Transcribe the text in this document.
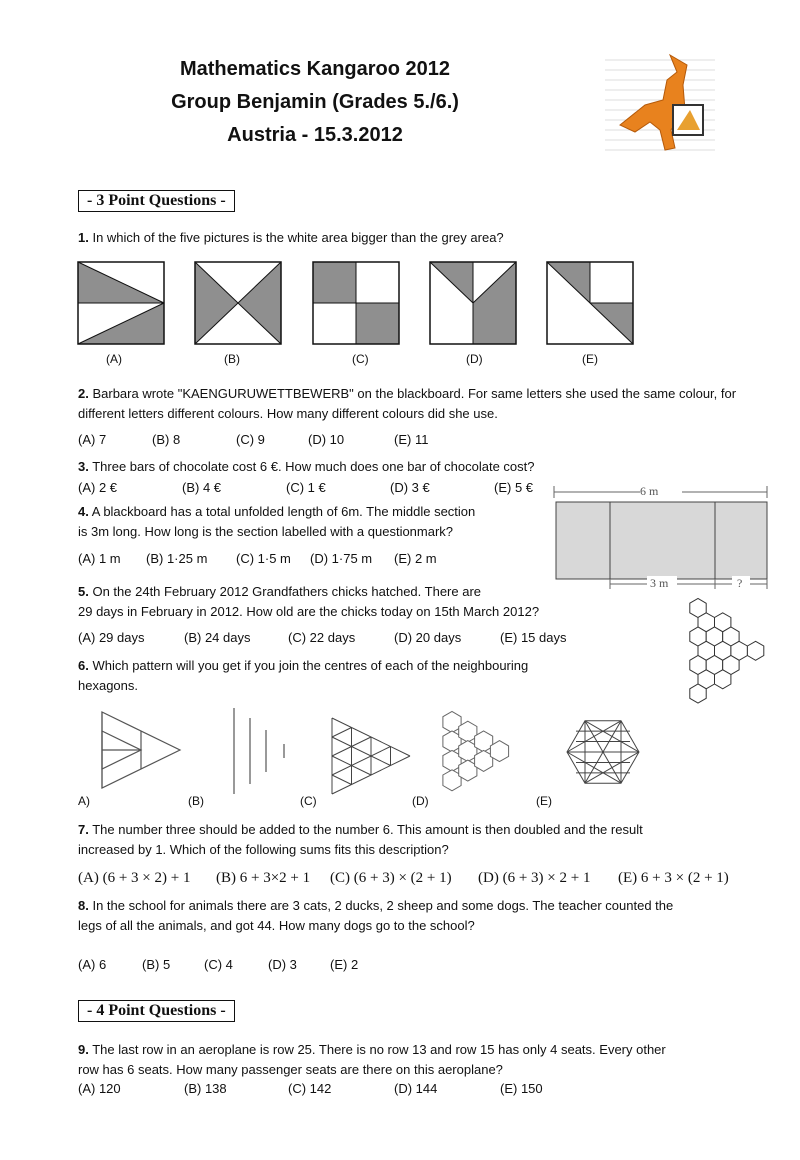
Mathematics Kangaroo 2012
Group Benjamin (Grades 5./6.)
Austria - 15.3.2012
- 3 Point Questions -
1. In which of the five pictures is the white area bigger than the grey area?
(A)	(B)	(C)	(D)	(E)
2. Barbara wrote "KAENGURUWETTBEWERB" on the blackboard. For same letters she used the same colour, for different letters different colours. How many different colours did she use.
(A) 7	(B) 8	(C) 9	(D) 10	(E) 11
3. Three bars of chocolate cost 6 €. How much does one bar of chocolate cost?
(A) 2 €	(B) 4 €	(C) 1 €	(D) 3 €	(E) 5 €
4. A blackboard has a total unfolded length of 6m. The middle section
is 3m long. How long is the section labelled with a questionmark?
(A) 1 m (B) 1·25 m (C) 1·5 m (D) 1·75 m (E) 2 m
6 m
3 m	?
5. On the 24th February 2012 Grandfathers chicks hatched. There are
29 days in February in 2012. How old are the chicks today on 15th March 2012?
(A) 29 days	(B) 24 days	(C) 22 days	(D) 20 days	(E) 15 days
6. Which pattern will you get if you join the centres of each of the neighbouring
hexagons.
A)	(B)	(C)	(D)	(E)
7. The number three should be added to the number 6. This amount is then doubled and the result
increased by 1. Which of the following sums fits this description?
(A) (6 + 3 × 2) + 1 (B) 6 + 3×2 + 1 (C) (6 + 3) × (2 + 1) (D) (6 + 3) × 2 + 1 (E) 6 + 3 × (2 + 1)
8. In the school for animals there are 3 cats, 2 ducks, 2 sheep and some dogs. The teacher counted the
legs of all the animals, and got 44. How many dogs go to the school?
(A) 6	(B) 5	(C) 4	(D) 3	(E) 2
- 4 Point Questions -
9. The last row in an aeroplane is row 25. There is no row 13 and row 15 has only 4 seats. Every other
row has 6 seats. How many passenger seats are there on this aeroplane?
(A) 120	(B) 138	(C) 142	(D) 144	(E) 150
